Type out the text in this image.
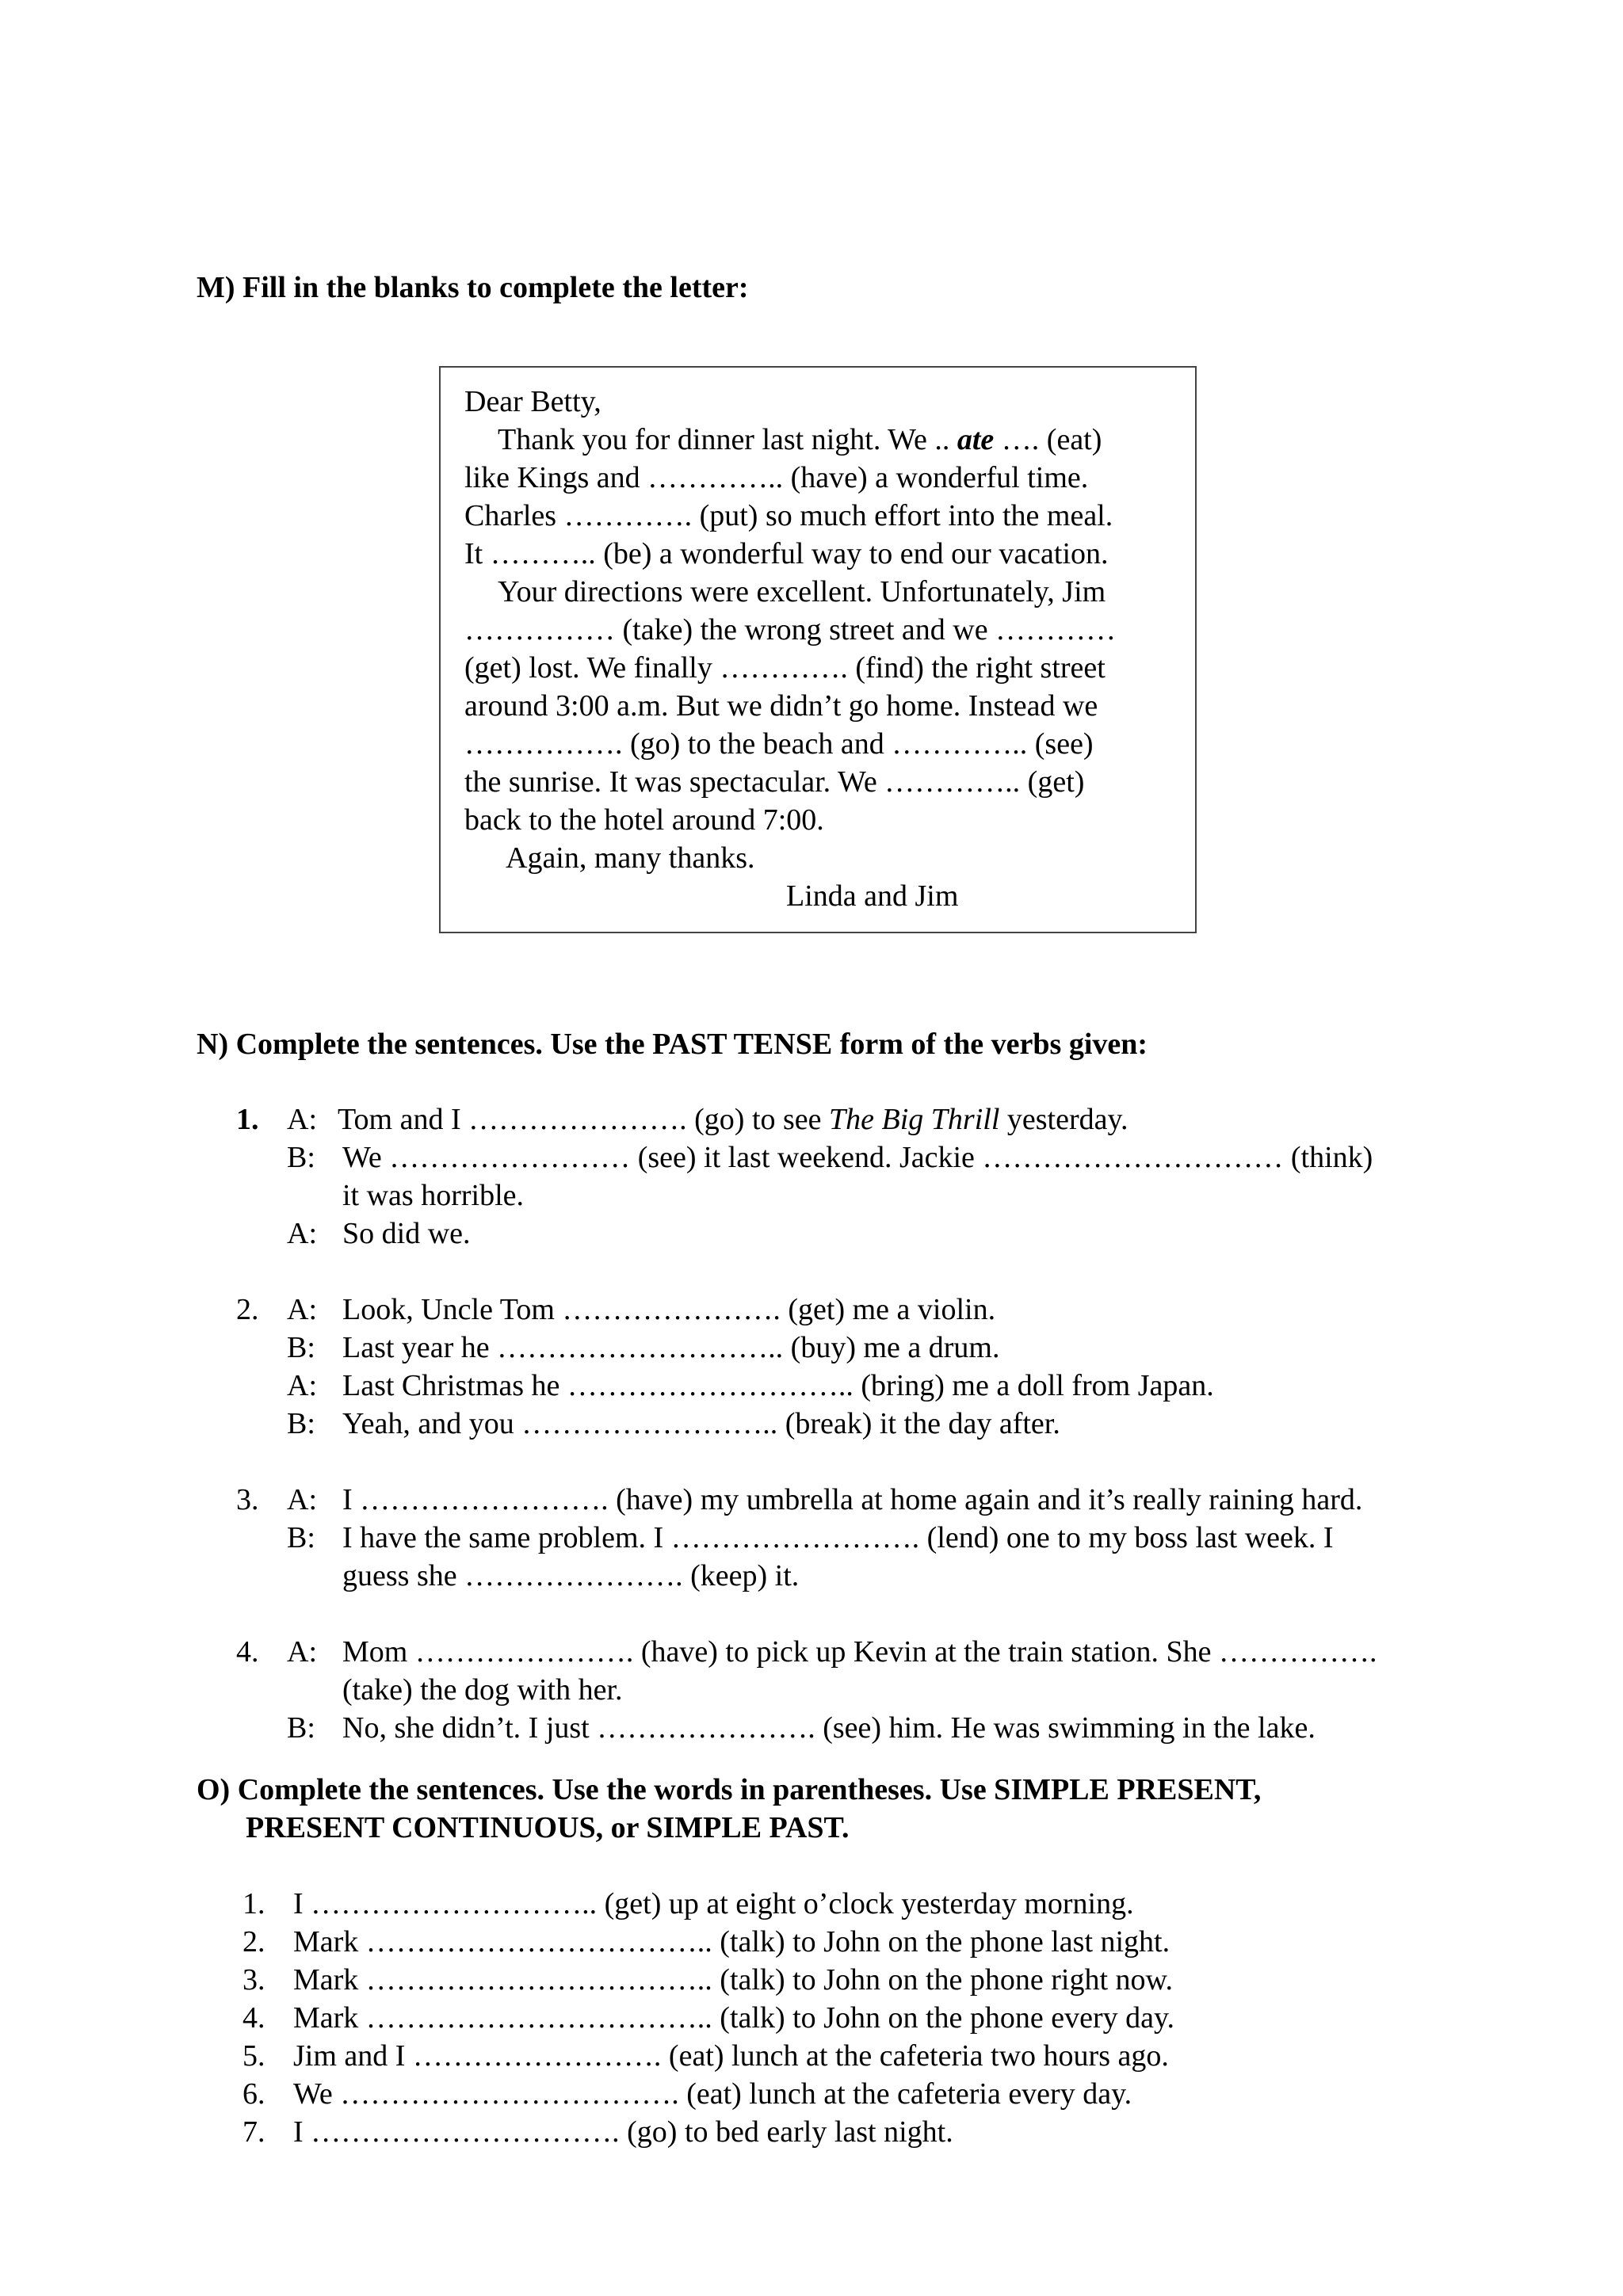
M) Fill in the blanks to complete the letter:
Dear Betty,
Thank you for dinner last night. We .. ate …. (eat)
like Kings and ………….. (have) a wonderful time.
Charles …………. (put) so much effort into the meal.
It ……….. (be) a wonderful way to end our vacation.
Your directions were excellent. Unfortunately, Jim
…………… (take) the wrong street and we …………
(get) lost. We finally …………. (find) the right street
around 3:00 a.m. But we didn’t go home. Instead we
……………. (go) to the beach and ………….. (see)
the sunrise. It was spectacular. We ………….. (get)
back to the hotel around 7:00.
Again, many thanks.
Linda and Jim
N) Complete the sentences. Use the PAST TENSE form of the verbs given:
1. A: Tom and I …………………. (go) to see The Big Thrill yesterday.
B: We …………………… (see) it last weekend. Jackie ………………………… (think)
it was horrible.
A: So did we.
2. A: Look, Uncle Tom …………………. (get) me a violin.
B: Last year he ……………………….. (buy) me a drum.
A: Last Christmas he ……………………….. (bring) me a doll from Japan.
B: Yeah, and you …………………….. (break) it the day after.
3. A: I ……………………. (have) my umbrella at home again and it’s really raining hard.
B: I have the same problem. I ……………………. (lend) one to my boss last week. I
guess she …………………. (keep) it.
4. A: Mom …………………. (have) to pick up Kevin at the train station. She …………….
(take) the dog with her.
B: No, she didn’t. I just …………………. (see) him. He was swimming in the lake.
O) Complete the sentences. Use the words in parentheses. Use SIMPLE PRESENT,
PRESENT CONTINUOUS, or SIMPLE PAST.
1. I ……………………….. (get) up at eight o’clock yesterday morning.
2. Mark …………………………….. (talk) to John on the phone last night.
3. Mark …………………………….. (talk) to John on the phone right now.
4. Mark …………………………….. (talk) to John on the phone every day.
5. Jim and I ……………………. (eat) lunch at the cafeteria two hours ago.
6. We ……………………………. (eat) lunch at the cafeteria every day.
7. I …………………………. (go) to bed early last night.
